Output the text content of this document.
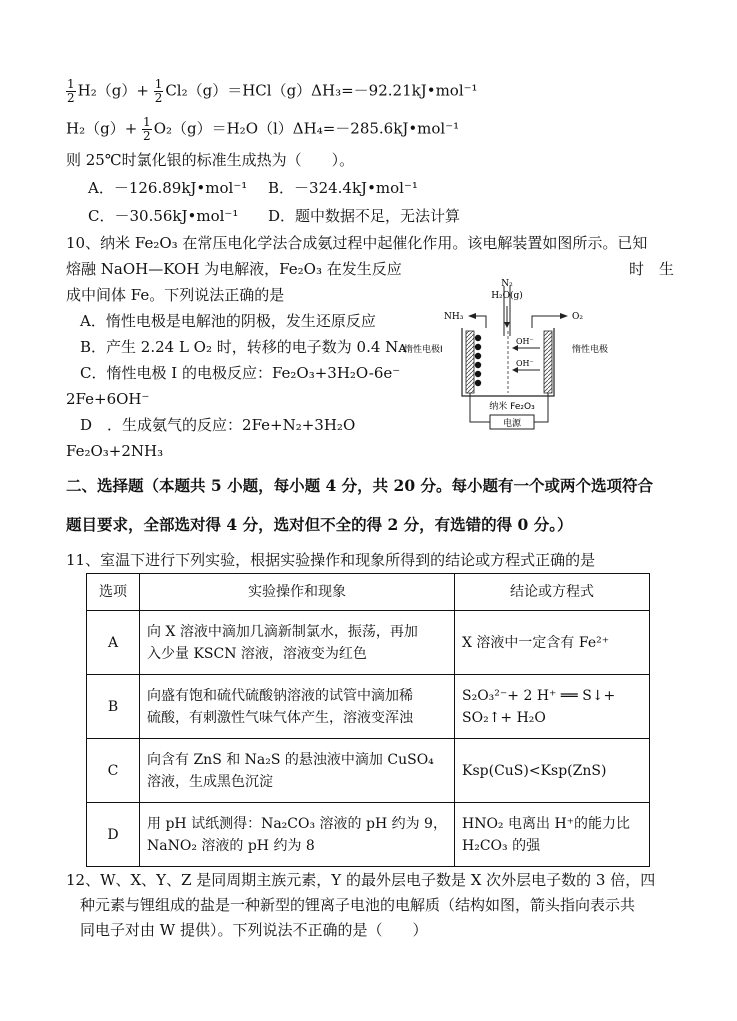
$\frac{1}{2} H_2(g)+ \frac{1}{2}$ Cl₂（g）＝HCl（g）ΔH₃=－92.21kJ•mol⁻¹
$H_2(g)+ \frac{1}{2}$ O₂（g）＝H₂O（l）ΔH₄=－285.6kJ•mol⁻¹
则 25℃时氯化银的标准生成热为（　　）。
A．－126.89kJ•mol⁻¹ B．－324.4kJ•mol⁻¹
C．－30.56kJ•mol⁻¹ D．题中数据不足，无法计算
10、纳米 Fe₂O₃ 在常压电化学法合成氨过程中起催化作用。该电解装置如图所示。已知
熔融 NaOH—KOH 为电解液，Fe₂O₃ 在发生反应	时　生
成中间体 Fe。下列说法正确的是
A．惰性电极是电解池的阴极，发生还原反应
B．产生 2.24 L O₂ 时，转移的电子数为 0.4 Nᴀ
C．惰性电极 I 的电极反应：Fe₂O₃+3H₂O-6e⁻
2Fe+6OH⁻
D　．生成氨气的反应：2Fe+N₂+3H₂O
Fe₂O₃+2NH₃
N₂
H₂O(g)
NH₃	O₂
惰性电极Ⅰ	惰性电极
OH⁻
OH⁻
纳米 Fe₂O₃
电源
二、选择题（本题共 5 小题，每小题 4 分，共 20 分。每小题有一个或两个选项符合
题目要求，全部选对得 4 分，选对但不全的得 2 分，有选错的得 0 分。）
11、室温下进行下列实验，根据实验操作和现象所得到的结论或方程式正确的是
选项	实验操作和现象	结论或方程式
A	向 X 溶液中滴加几滴新制氯水，振荡，再加
入少量 KSCN 溶液，溶液变为红色	X 溶液中一定含有 Fe²⁺

B	向盛有饱和硫代硫酸钠溶液的试管中滴加稀
硫酸，有刺激性气味气体产生，溶液变浑浊	S₂O₃²⁻+ 2 H⁺ ══ S↓+
SO₂↑+ H₂O

C	向含有 ZnS 和 Na₂S 的悬浊液中滴加 CuSO₄
溶液，生成黑色沉淀	Ksp(CuS)<Ksp(ZnS)

D	用 pH 试纸测得：Na₂CO₃ 溶液的 pH 约为 9，
NaNO₂ 溶液的 pH 约为 8	HNO₂ 电离出 H⁺的能力比
H₂CO₃ 的强
12、W、X、Y、Z 是同周期主族元素，Y 的最外层电子数是 X 次外层电子数的 3 倍，四
种元素与锂组成的盐是一种新型的锂离子电池的电解质（结构如图，箭头指向表示共
同电子对由 W 提供）。下列说法不正确的是（　　）
